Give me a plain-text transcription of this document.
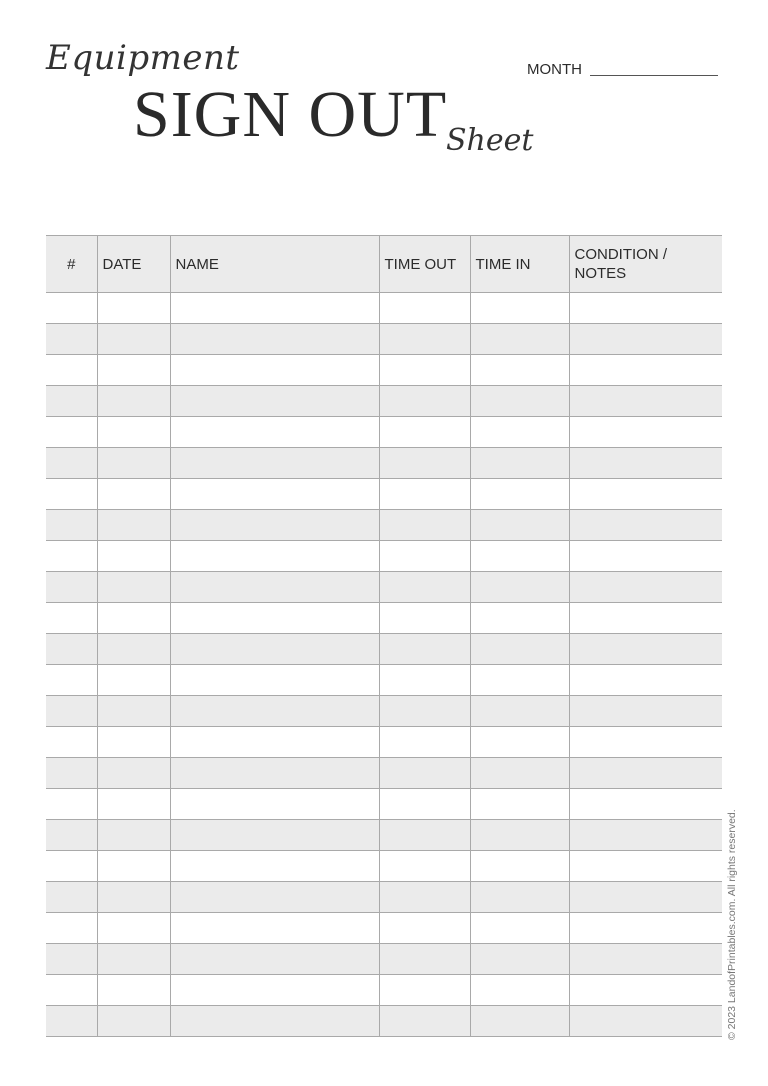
Equipment
SIGN OUT
Sheet
MONTH
#	DATE	NAME	TIME OUT	TIME IN	CONDITION / NOTES

© 2023 LandofPrintables.com. All rights reserved.
